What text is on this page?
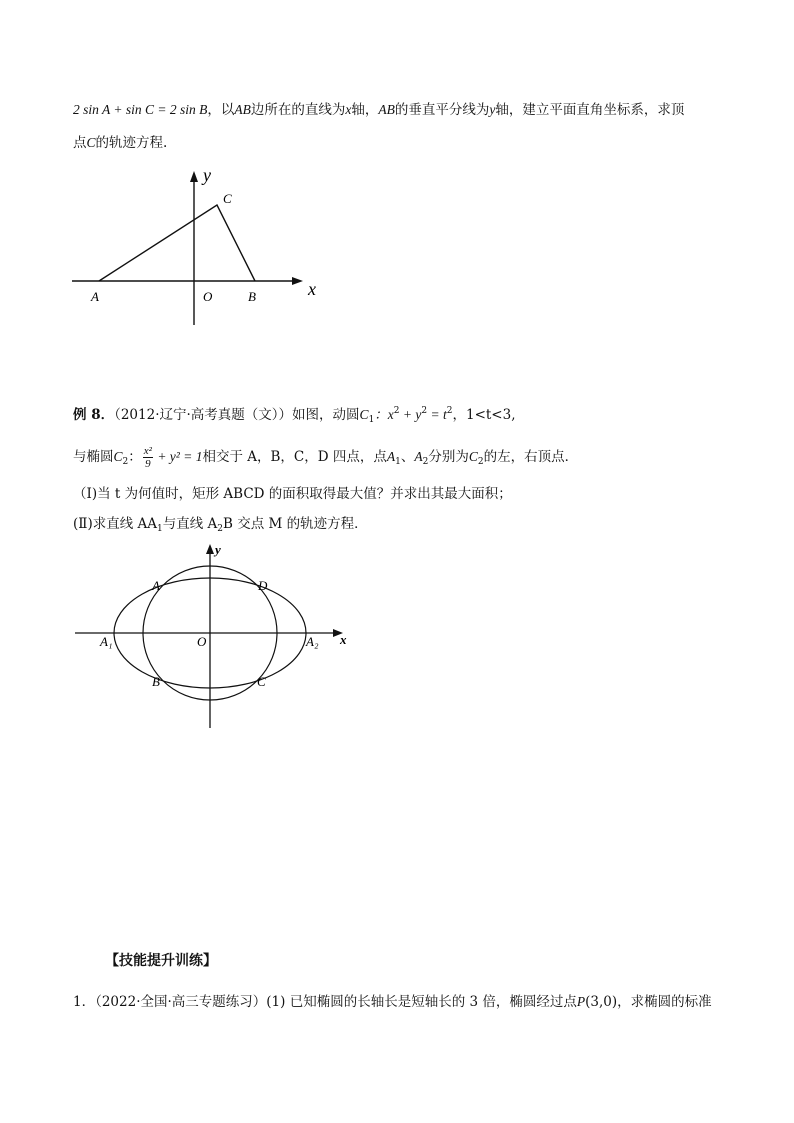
2 sin A + sin C = 2 sin B，以AB边所在的直线为x轴，AB的垂直平分线为y轴，建立平面直角坐标系，求顶
点C的轨迹方程.
y
x
C
A	O	B
例 8．（2012·辽宁·高考真题（文））如图，动圆$C_1$：$x^2 + y^2 = t^2$，1<t<3,
与椭圆$C_2$： $\frac{\text{x²}}{9} + y^2 = 1$相交于 A，B，C，D 四点，点$A_1$、$A_2$分别为$C_2$的左，右顶点．
（Ⅰ)当 t 为何值时，矩形 ABCD 的面积取得最大值？并求出其最大面积；
(Ⅱ)求直线 $AA_1$与直线 $A_2B$ 交点 M 的轨迹方程．
y
x
A	D
A₁	O	A₂
B	C
【技能提升训练】
1．（2022·全国·高三专题练习）(1) 已知椭圆的长轴长是短轴长的 3 倍，椭圆经过点P(3,0)，求椭圆的标准
